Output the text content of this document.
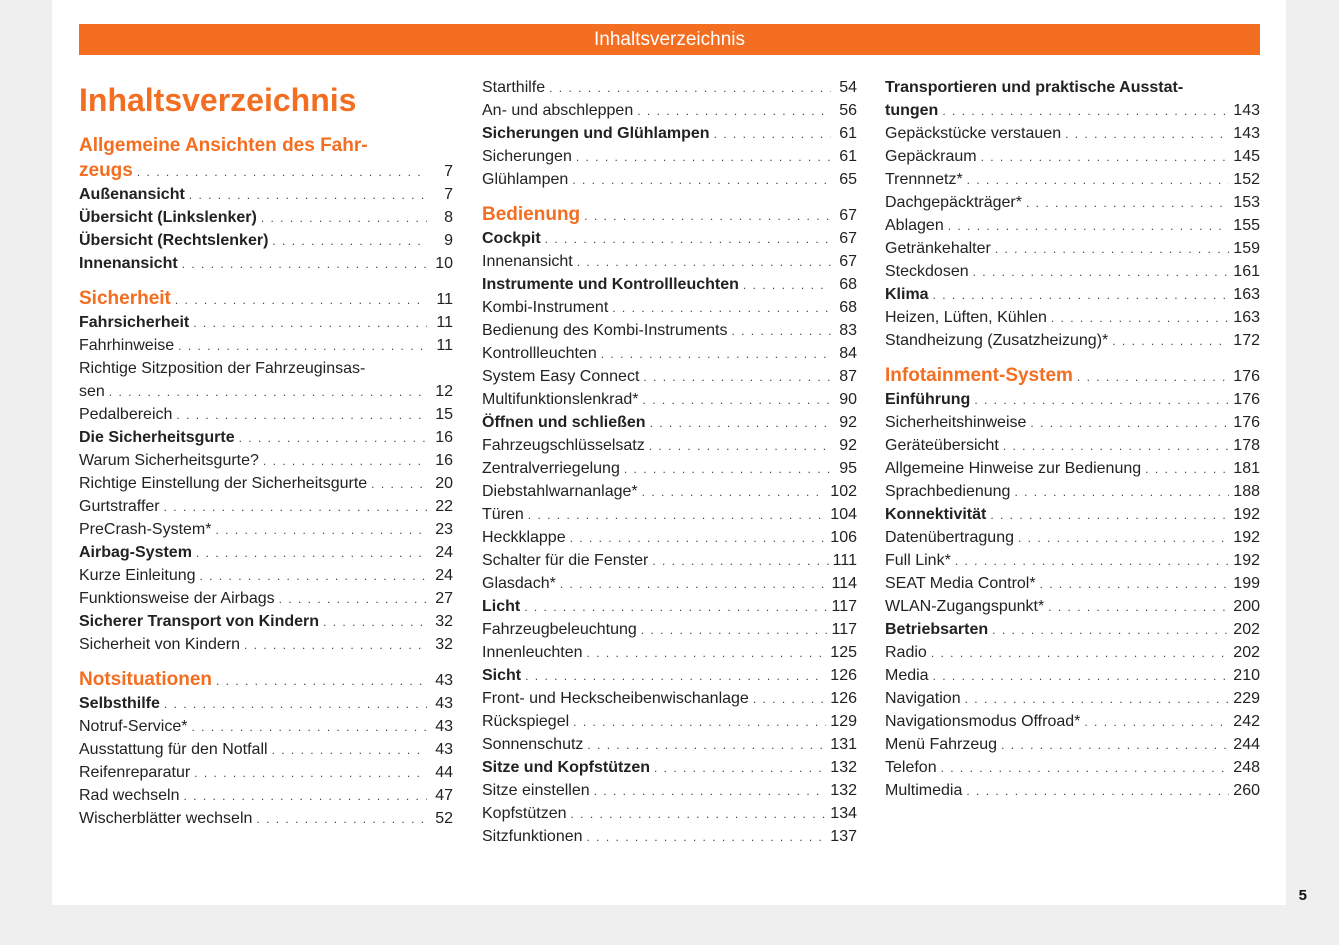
Inhaltsverzeichnis
Inhaltsverzeichnis
Allgemeine Ansichten des Fahr-
zeugs . . .	7
Außenansicht . . .	7
Übersicht (Linkslenker) . . .	8
Übersicht (Rechtslenker) . . .	9
Innenansicht . . .	10
Sicherheit . . .	11
Fahrsicherheit . . .	11
Fahrhinweise . . .	11
Richtige Sitzposition der Fahrzeuginsas-
sen . . .	12
Pedalbereich . . .	15
Die Sicherheitsgurte . . .	16
Warum Sicherheitsgurte? . . .	16
Richtige Einstellung der Sicherheitsgurte . . .	20
Gurtstraffer . . .	22
PreCrash-System* . . .	23
Airbag-System . . .	24
Kurze Einleitung . . .	24
Funktionsweise der Airbags . . .	27
Sicherer Transport von Kindern . . .	32
Sicherheit von Kindern . . .	32
Notsituationen . . .	43
Selbsthilfe . . .	43
Notruf-Service* . . .	43
Ausstattung für den Notfall . . .	43
Reifenreparatur . . .	44
Rad wechseln . . .	47
Wischerblätter wechseln . . .	52
Starthilfe . . .	54
An- und abschleppen . . .	56
Sicherungen und Glühlampen . . .	61
Sicherungen . . .	61
Glühlampen . . .	65
Bedienung . . .	67
Cockpit . . .	67
Innenansicht . . .	67
Instrumente und Kontrollleuchten . . .	68
Kombi-Instrument . . .	68
Bedienung des Kombi-Instruments . . .	83
Kontrollleuchten . . .	84
System Easy Connect . . .	87
Multifunktionslenkrad* . . .	90
Öffnen und schließen . . .	92
Fahrzeugschlüsselsatz . . .	92
Zentralverriegelung . . .	95
Diebstahlwarnanlage* . . .	102
Türen . . .	104
Heckklappe . . .	106
Schalter für die Fenster . . .	111
Glasdach* . . .	114
Licht . . .	117
Fahrzeugbeleuchtung . . .	117
Innenleuchten . . .	125
Sicht . . .	126
Front- und Heckscheibenwischanlage . . .	126
Rückspiegel . . .	129
Sonnenschutz . . .	131
Sitze und Kopfstützen . . .	132
Sitze einstellen . . .	132
Kopfstützen . . .	134
Sitzfunktionen . . .	137
Transportieren und praktische Ausstat-
tungen . . .	143
Gepäckstücke verstauen . . .	143
Gepäckraum . . .	145
Trennnetz* . . .	152
Dachgepäckträger* . . .	153
Ablagen . . .	155
Getränkehalter . . .	159
Steckdosen . . .	161
Klima . . .	163
Heizen, Lüften, Kühlen . . .	163
Standheizung (Zusatzheizung)* . . .	172
Infotainment-System . . .	176
Einführung . . .	176
Sicherheitshinweise . . .	176
Geräteübersicht . . .	178
Allgemeine Hinweise zur Bedienung . . .	181
Sprachbedienung . . .	188
Konnektivität . . .	192
Datenübertragung . . .	192
Full Link* . . .	192
SEAT Media Control* . . .	199
WLAN-Zugangspunkt* . . .	200
Betriebsarten . . .	202
Radio . . .	202
Media . . .	210
Navigation . . .	229
Navigationsmodus Offroad* . . .	242
Menü Fahrzeug . . .	244
Telefon . . .	248
Multimedia . . .	260
5
